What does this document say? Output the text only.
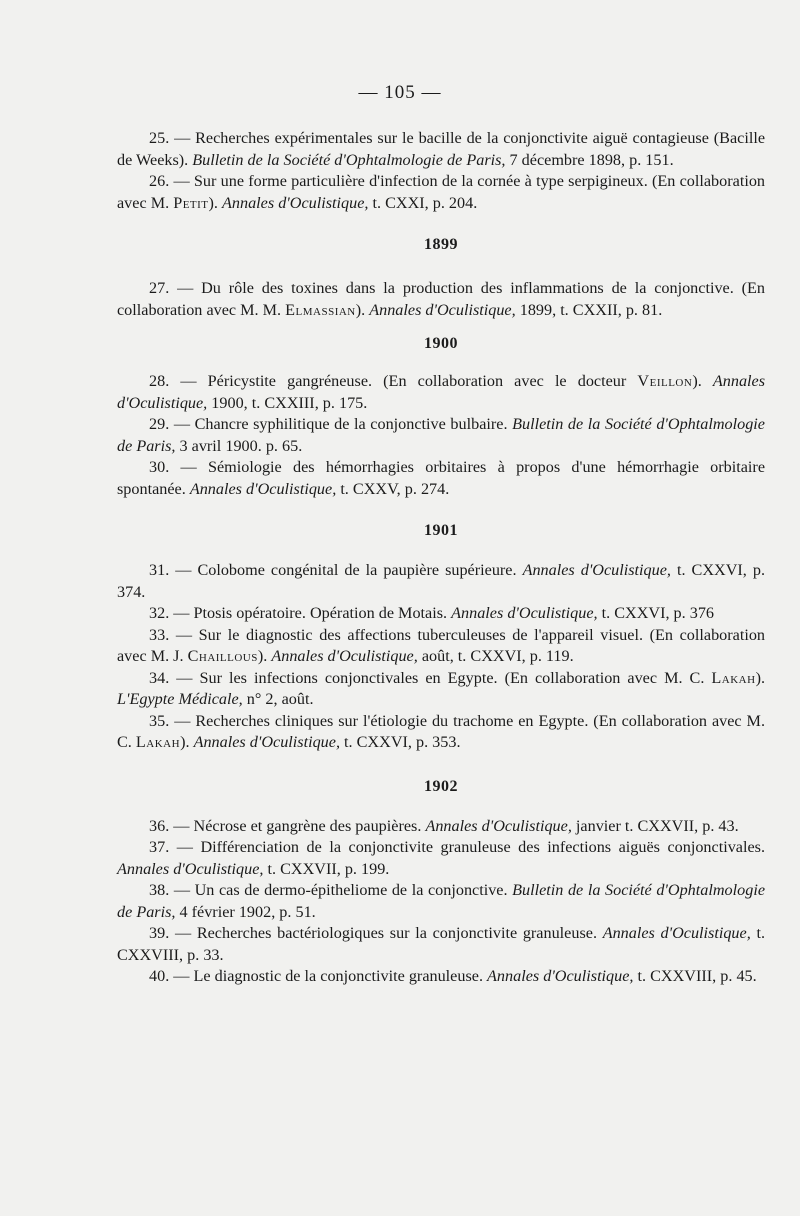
— 105 —

25. — Recherches expérimentales sur le bacille de la conjonctivite aiguë contagieuse (Bacille de Weeks). Bulletin de la Société d'Ophtalmologie de Paris, 7 décembre 1898, p. 151.

26. — Sur une forme particulière d'infection de la cornée à type serpigineux. (En collaboration avec M. Petit). Annales d'Oculistique, t. CXXI, p. 204.

1899

27. — Du rôle des toxines dans la production des inflammations de la conjonctive. (En collaboration avec M. M. Elmassian). Annales d'Oculistique, 1899, t. CXXII, p. 81.

1900

28. — Péricystite gangréneuse. (En collaboration avec le docteur Veillon). Annales d'Oculistique, 1900, t. CXXIII, p. 175.

29. — Chancre syphilitique de la conjonctive bulbaire. Bulletin de la Société d'Ophtalmologie de Paris, 3 avril 1900. p. 65.

30. — Sémiologie des hémorrhagies orbitaires à propos d'une hémorrhagie orbitaire spontanée. Annales d'Oculistique, t. CXXV, p. 274.

1901

31. — Colobome congénital de la paupière supérieure. Annales d'Oculistique, t. CXXVI, p. 374.

32. — Ptosis opératoire. Opération de Motais. Annales d'Oculistique, t. CXXVI, p. 376

33. — Sur le diagnostic des affections tuberculeuses de l'appareil visuel. (En collaboration avec M. J. Chaillous). Annales d'Oculistique, août, t. CXXVI, p. 119.

34. — Sur les infections conjonctivales en Egypte. (En collaboration avec M. C. Lakah). L'Egypte Médicale, n° 2, août.

35. — Recherches cliniques sur l'étiologie du trachome en Egypte. (En collaboration avec M. C. Lakah). Annales d'Oculistique, t. CXXVI, p. 353.

1902

36. — Nécrose et gangrène des paupières. Annales d'Oculistique, janvier t. CXXVII, p. 43.

37. — Différenciation de la conjonctivite granuleuse des infections aiguës conjonctivales. Annales d'Oculistique, t. CXXVII, p. 199.

38. — Un cas de dermo-épitheliome de la conjonctive. Bulletin de la Société d'Ophtalmologie de Paris, 4 février 1902, p. 51.

39. — Recherches bactériologiques sur la conjonctivite granuleuse. Annales d'Oculistique, t. CXXVIII, p. 33.

40. — Le diagnostic de la conjonctivite granuleuse. Annales d'Oculistique, t. CXXVIII, p. 45.
